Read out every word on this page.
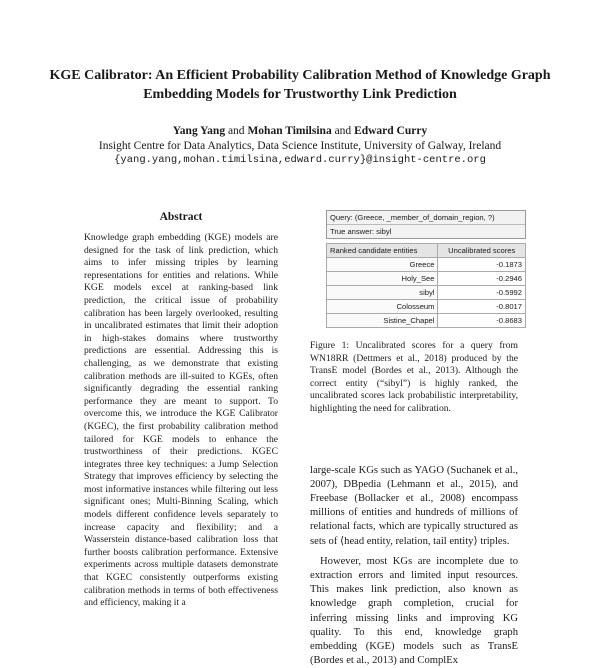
KGE Calibrator: An Efficient Probability Calibration Method of Knowledge Graph Embedding Models for Trustworthy Link Prediction
Yang Yang and Mohan Timilsina and Edward Curry
Insight Centre for Data Analytics, Data Science Institute, University of Galway, Ireland
{yang.yang,mohan.timilsina,edward.curry}@insight-centre.org
Abstract

Knowledge graph embedding (KGE) models are designed for the task of link prediction, which aims to infer missing triples by learning representations for entities and relations. While KGE models excel at ranking-based link prediction, the critical issue of probability calibration has been largely overlooked, resulting in uncalibrated estimates that limit their adoption in high-stakes domains where trustworthy predictions are essential. Addressing this is challenging, as we demonstrate that existing calibration methods are ill-suited to KGEs, often significantly degrading the essential ranking performance they are meant to support. To overcome this, we introduce the KGE Calibrator (KGEC), the first probability calibration method tailored for KGE models to enhance the trustworthiness of their predictions. KGEC integrates three key techniques: a Jump Selection Strategy that improves efficiency by selecting the most informative instances while filtering out less significant ones; Multi-Binning Scaling, which models different confidence levels separately to increase capacity and flexibility; and a Wasserstein distance-based calibration loss that further boosts calibration performance. Extensive experiments across multiple datasets demonstrate that KGEC consistently outperforms existing calibration methods in terms of both effectiveness and efficiency, making it a

Query: (Greece, _member_of_domain_region, ?)
True answer: sibyl
Ranked candidate entities	Uncalibrated scores
Greece	-0.1873
Holy_See	-0.2946
sibyl	-0.5992
Colosseum	-0.8017
Sistine_Chapel	-0.8683

Figure 1: Uncalibrated scores for a query from WN18RR (Dettmers et al., 2018) produced by the TransE model (Bordes et al., 2013). Although the correct entity (“sibyl”) is highly ranked, the uncalibrated scores lack probabilistic interpretability, highlighting the need for calibration.

large-scale KGs such as YAGO (Suchanek et al., 2007), DBpedia (Lehmann et al., 2015), and Freebase (Bollacker et al., 2008) encompass millions of entities and hundreds of millions of relational facts, which are typically structured as sets of ⟨head entity, relation, tail entity⟩ triples.

However, most KGs are incomplete due to extraction errors and limited input resources. This makes link prediction, also known as knowledge graph completion, crucial for inferring missing links and improving KG quality. To this end, knowledge graph embedding (KGE) models such as TransE (Bordes et al., 2013) and ComplEx
